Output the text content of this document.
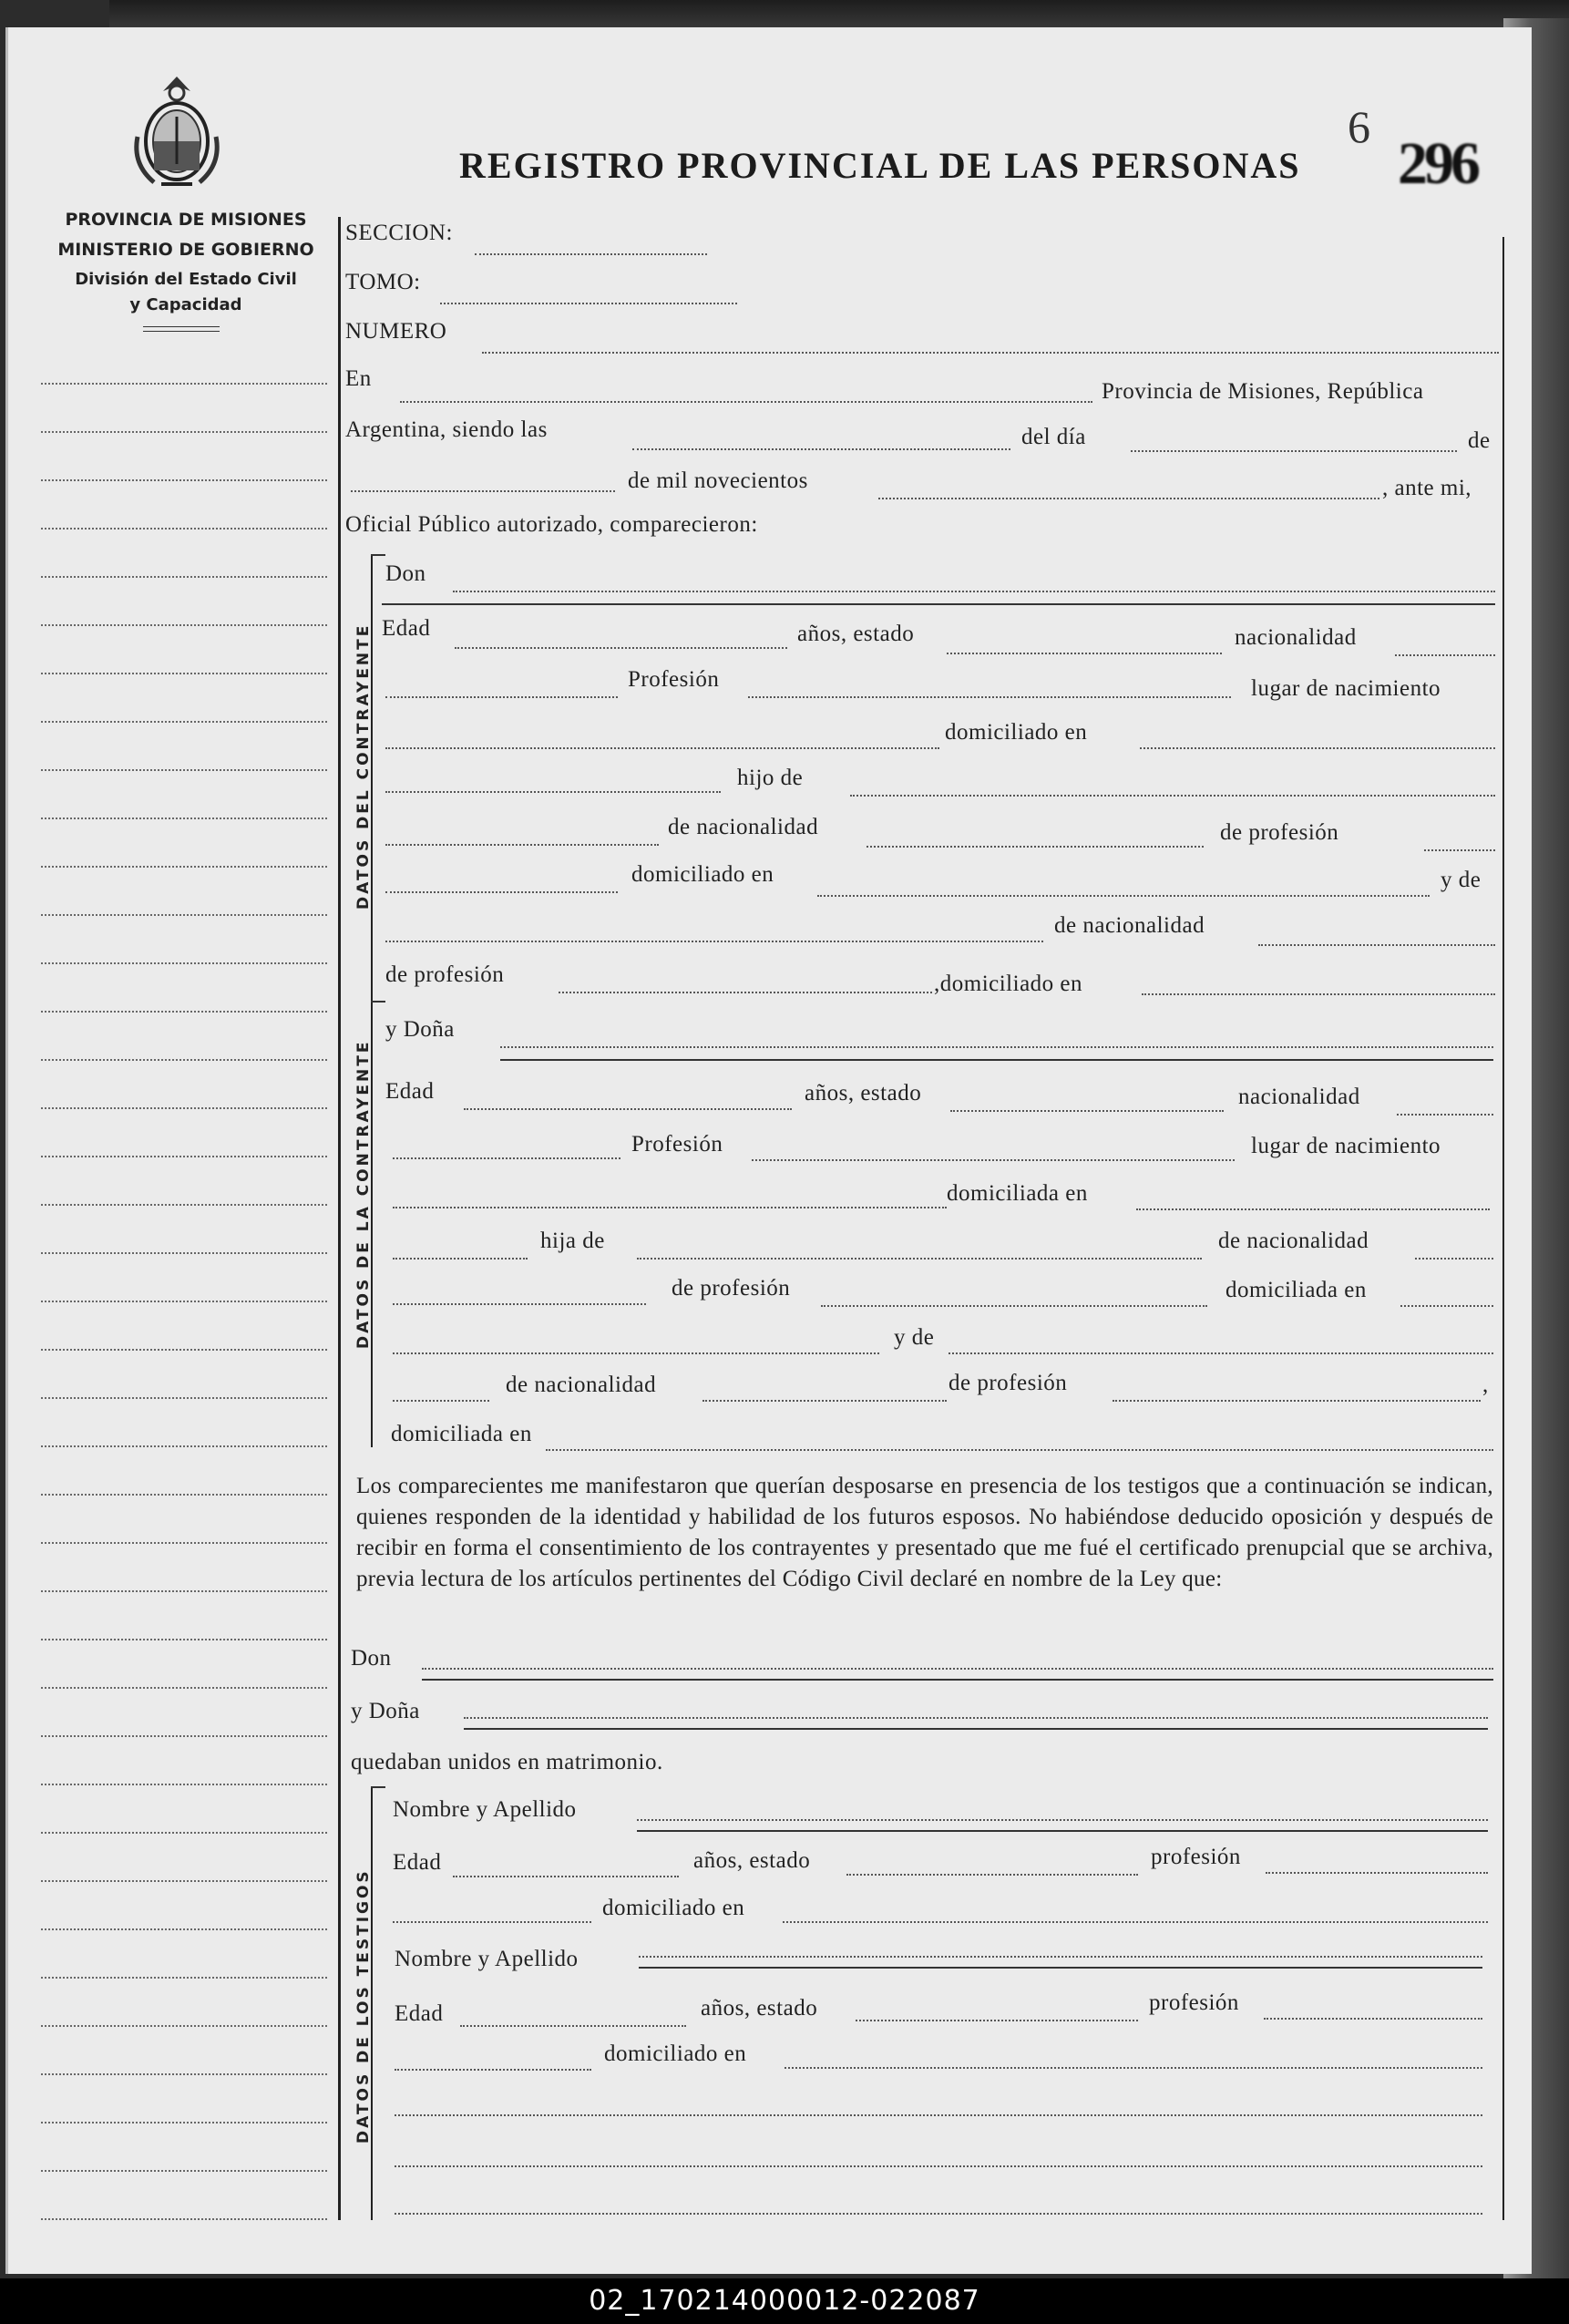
PROVINCIA DE MISIONES
MINISTERIO DE GOBIERNO
División del Estado Civil
y Capacidad
REGISTRO PROVINCIAL DE LAS PERSONAS
6
296
DATOS DEL CONTRAYENTE
DATOS DE LA CONTRAYENTE
DATOS DE LOS TESTIGOS
SECCION:
TOMO:
NUMERO
En
Provincia de Misiones, República
Argentina, siendo las	del día	de
de mil novecientos	, ante mi,
Oficial Público autorizado, comparecieron:
Don
Edad	años, estado	nacionalidad
Profesión	lugar de nacimiento
domiciliado en
hijo de
de nacionalidad	de profesión
domiciliado en	y de
de nacionalidad
de profesión	,domiciliado en
y Doña
Edad	años, estado	nacionalidad
Profesión	lugar de nacimiento
domiciliada en
hija de	de nacionalidad
de profesión	domiciliada en
y de
de nacionalidad	de profesión	,
domiciliada en
Los comparecientes me manifestaron que querían desposarse en presencia de los testigos que a continuación se indican, quienes responden de la identidad y habilidad de los futuros esposos. No habiéndose deducido oposición y después de recibir en forma el consentimiento de los contrayentes y presentado que me fué el certificado prenupcial que se archiva, previa lectura de los artículos pertinentes del Código Civil declaré en nombre de la Ley que:
Don
y Doña
quedaban unidos en matrimonio.
Nombre y Apellido
Edad	años, estado	profesión
domiciliado en
Nombre y Apellido
Edad	años, estado	profesión
domiciliado en
02_170214000012-022087
